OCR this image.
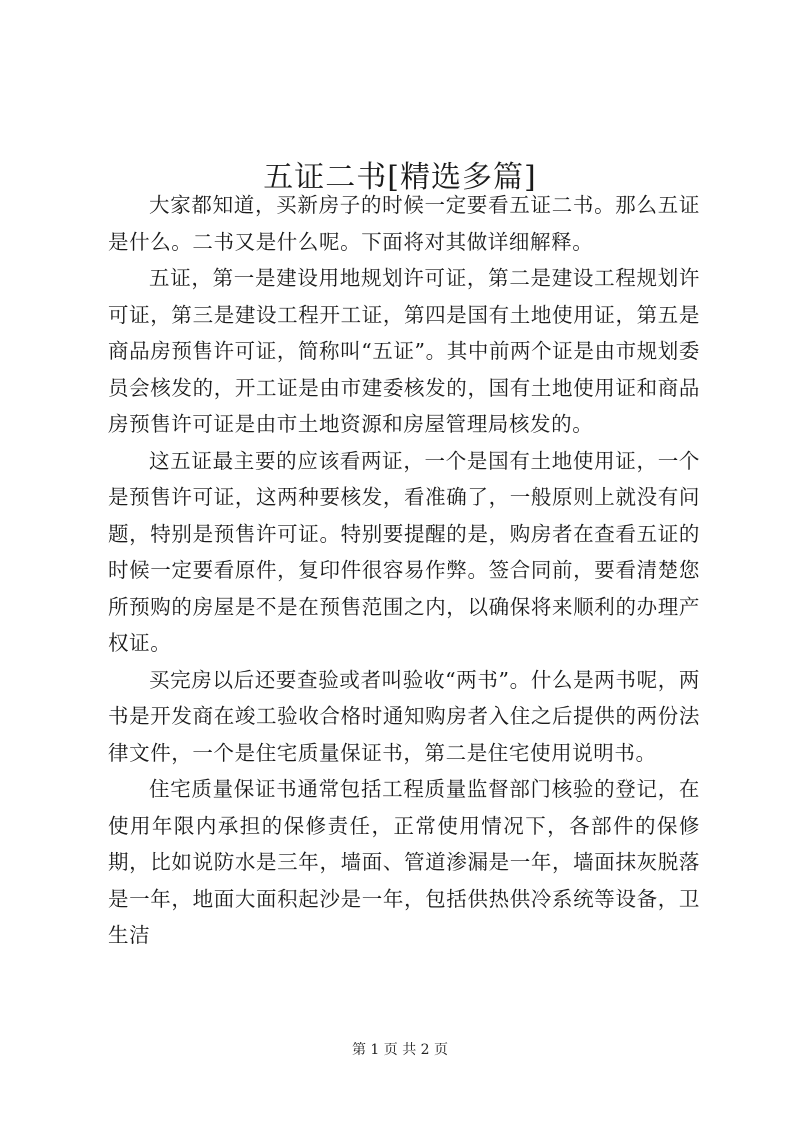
五证二书[精选多篇]

大家都知道，买新房子的时候一定要看五证二书。那么五证是什么。二书又是什么呢。下面将对其做详细解释。

五证，第一是建设用地规划许可证，第二是建设工程规划许可证，第三是建设工程开工证，第四是国有土地使用证，第五是商品房预售许可证，简称叫“五证”。其中前两个证是由市规划委员会核发的，开工证是由市建委核发的，国有土地使用证和商品房预售许可证是由市土地资源和房屋管理局核发的。

这五证最主要的应该看两证，一个是国有土地使用证，一个是预售许可证，这两种要核发，看准确了，一般原则上就没有问题，特别是预售许可证。特别要提醒的是，购房者在查看五证的时候一定要看原件，复印件很容易作弊。签合同前，要看清楚您所预购的房屋是不是在预售范围之内，以确保将来顺利的办理产权证。

买完房以后还要查验或者叫验收“两书”。什么是两书呢，两书是开发商在竣工验收合格时通知购房者入住之后提供的两份法律文件，一个是住宅质量保证书，第二是住宅使用说明书。

住宅质量保证书通常包括工程质量监督部门核验的登记，在使用年限内承担的保修责任，正常使用情况下，各部件的保修期，比如说防水是三年，墙面、管道渗漏是一年，墙面抹灰脱落是一年，地面大面积起沙是一年，包括供热供冷系统等设备，卫生洁

第 1 页 共 2 页
